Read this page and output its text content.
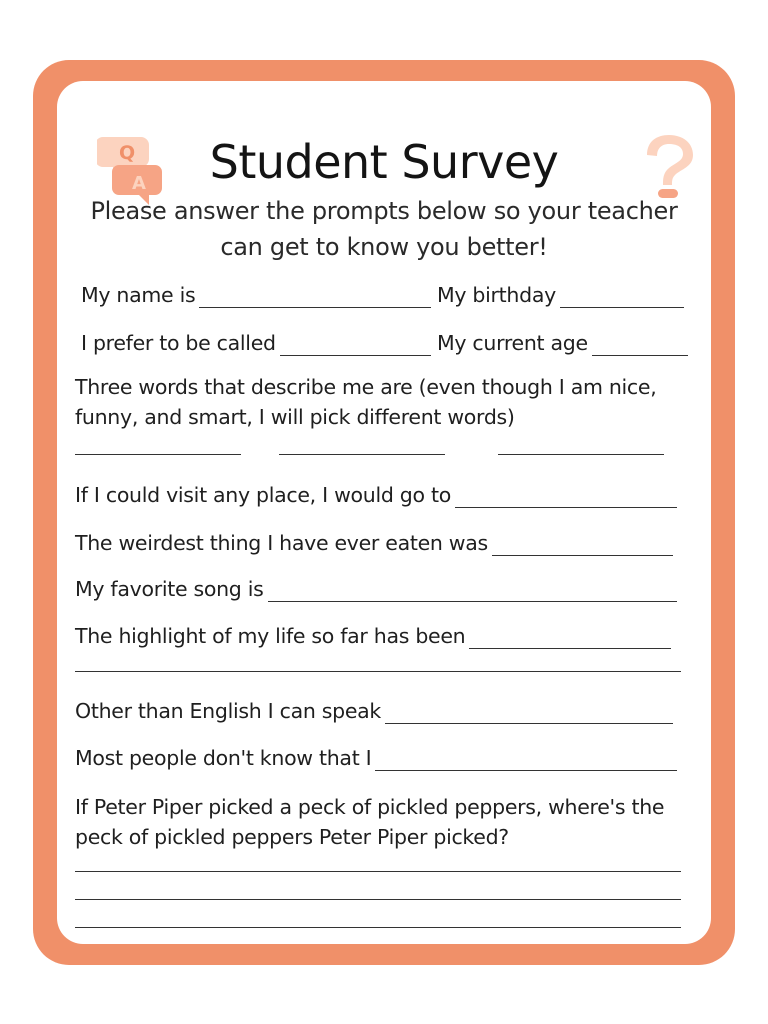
Q
A	Student Survey

Please answer the prompts below so your teacher can get to know you better!

My name is	My birthday
I prefer to be called	My current age

Three words that describe me are (even though I am nice, funny, and smart, I will pick different words)

If I could visit any place, I would go to
The weirdest thing I have ever eaten was
My favorite song is
The highlight of my life so far has been
Other than English I can speak
Most people don't know that I

If Peter Piper picked a peck of pickled peppers, where's the peck of pickled peppers Peter Piper picked?
